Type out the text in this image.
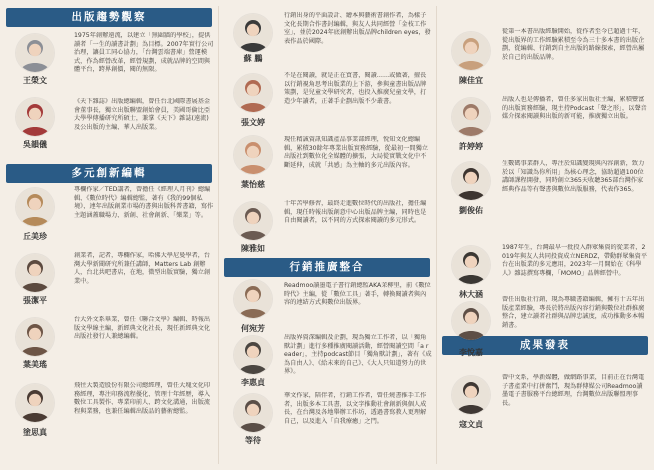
出版趨勢觀察
多元創新編輯
行銷推廣整合
成果發表
王榮文
1975年創辦遠流，以建立「無圍牆的學校」，提供讀者「一生的讀書計劃」為目標。2007年實行公司治理，讓員工同心協力，「台灣雲端書庫」營運模式，作為經營改革，經營規劃，成就品牌的空間與體平台，跨界創價，閱的無限。
吳韻儀
《天下雜誌》出版總編輯，曾任台北國際書展基金會董事長，獨立出版聯盟創始會員，美國哥倫比亞大學學傳播研究所碩士，兼掌《天下》雜誌(遠流)及公出版的主編、華人出版業。
丘美珍
專欄作家／TED講者，曾擔任《經理人月刊》總編輯、《數位時代》編輯總監，著有《我的99個私境》，連年出版創業市場的書與出版科普書籍，寫作主題涵蓋職場力、新創、社會創新、「樂業」等。
張潔平
創業者，記者，專欄作家，哈佛大學尼曼學者，台灣大學新聞研究所兼任講師，Matters Lab 創辦人，台北共吧書店，在地，微型出版實驗，獨立創業中。
葉美瑤
台大外文系畢業，曾任《聯合文學》編輯、時報出版文學線主編，新經典文化社長，現任新經典文化出版社發行人兼總編輯。
塗思真
飛往大製造股份有限公司總經理，曾任大塊文化印務經理，專注印務流程優化、管理十年經歷，導入數位工具製作、專業印前人、跨文化溝通，出版流程與業務，也兼任編輯出版品的藝術總監。
蘇 鵬
行銷出身的平面設計、繪本與藝術書創作者，為樣子文化長期合作書封編輯，與友人共同經營「金枝工作室」，並於2024年底創辦出版品牌children eyes，發表作品於國際。
張文婷
不是在閱讀，就是正在買書，閱讀……或做著，擅長以行銷視角思考出版業的上下游，參與童書出版品牌策劃，是兒童文學研究者，也投入推廣兒童文學，打造少年讀者，正著手企劃出版不少叢書。
葉怡慈
現任精誠資訊知識產品事業部經理，悅知文化總編輯，累積30餘年專業出版實務經驗，從最初一間獨立出版社到數位化全媒體的擴張，大局從實戰文化中不斷延伸，成就「共感」為主軸的多元出版內容。
陳雅如
十年苦學修習，最終走進數位時代的出版社，擔任編輯，現任時報出版創意中心出版品牌主編，同時也是自由閱讀者，以不同的方式探索閱讀的多元形式。
何宛芳
Readmoo讀墨電子書行銷總監AKA茉柳里，前《數位時代》主編，從「數位工具」著手，轉換閱讀者與內容的連結方式與數位出版界。
李惠貞
出版界資深編輯及企劃，現為獨立工作者，以「獨角獸計劃」進行多種推廣閱讀活動，經營閱讀空間「a reader」，主持podcast節目「獨角獸計劃」，著有《成為自由人》、《給未來的自己》、《大人只知道努力的世界》。
等待
華文作家，陪伴者，行銷工作者，曾任燒書推手工作者，出版多本工具書，以文字推動社會創新與個人成長，在台灣及各地舉辦工作坊，透過書寫教人更理解自己，以及進入「自我療癒」之門。
陳佳宜
從第一本書出版經驗開始，從作者至今已超過十年，從出版界的工作經驗累積至今為三十多本書的出版企劃，從編輯、行銷到自主出版的路線探索，經營出屬於自己的出版品牌。
許婷婷
出版人也是傳播者，曾任多家出版社主編，累積豐富的出版實務經驗，現主持Podcast「聲之形」，以聲音媒介探索閱讀與出版的新可能，推廣獨立出版。
劉俊佑
生數碼事業群人，專注於知識變現與內容創新，致力於以「知識為你所用」為核心理念，協助超過100位講師課程開發，同時創立365天收聽365部台灣作家經典作品等有聲書與數位出版服務，代表作365。
林大涵
1987年生，台灣最早一批投入群眾集資的從業者，2019年與友人共同投資成立NERDZ，帶動群眾集資平台在出版業的多元應用，2023年一月開始在《科學人》雜誌撰寫專欄，「MOMO」品牌經營中。
李悅嘉
曾任出版社行銷，現為專職書籍編輯，擁有十五年出版產業經驗，專長於將出版內容行銷與數位社群推廣整合，建立讀者社群與品牌忠誠度，成功推動多本暢銷書。
寇文貞
曾中文系，學新媒體，做網路事業，目前正在台灣電子書產業中打拼奮鬥，現為群傳媒公司Readmoo讀墨電子書服務平台總經理，台灣數位出版聯盟理事長。
